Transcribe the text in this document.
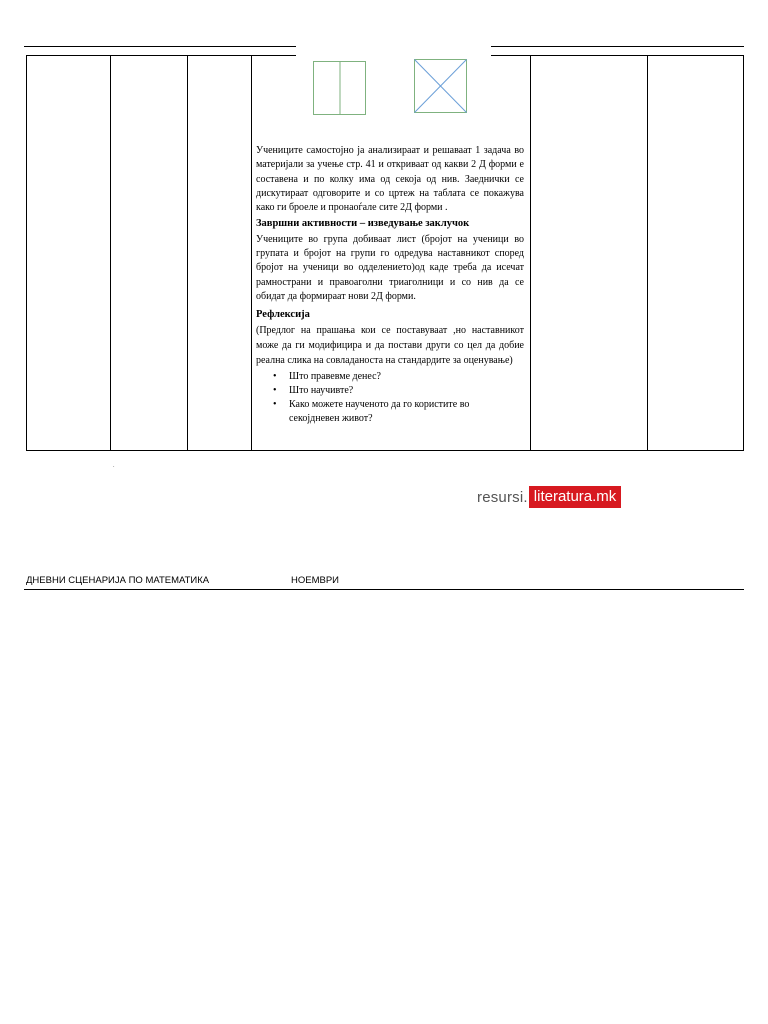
Учениците самостојно ја анализираат и решаваат 1 задача во материјали за учење стр. 41 и откриваат од какви 2 Д форми е составена и по колку има од секоја од нив. Заеднички се дискутираат одговорите и со цртеж на таблата се покажува како ги броеле и пронаоѓале сите 2Д форми .

Завршни активности – изведување заклучок

Учениците во група добиваат лист (бројот на ученици во групата и бројот на групи го одредува наставникот според бројот на ученици во одделението)од каде треба да исечат рамнострани и правоаголни триаголници и со нив да се обидат да формираат нови 2Д форми.

Рефлексија

(Предлог на прашања кои се поставуваат ,но наставникот може да ги модифицира и да постави други со цел да добие реална слика на совладаноста на стандардите за оценување)

• Што правевме денес?
• Што научивте?
• Како можете наученото да го користите во секојдневен живот?
.
resursi. literatura.mk
ДНЕВНИ СЦЕНАРИЈА ПО МАТЕМАТИКА	НОЕМВРИ
